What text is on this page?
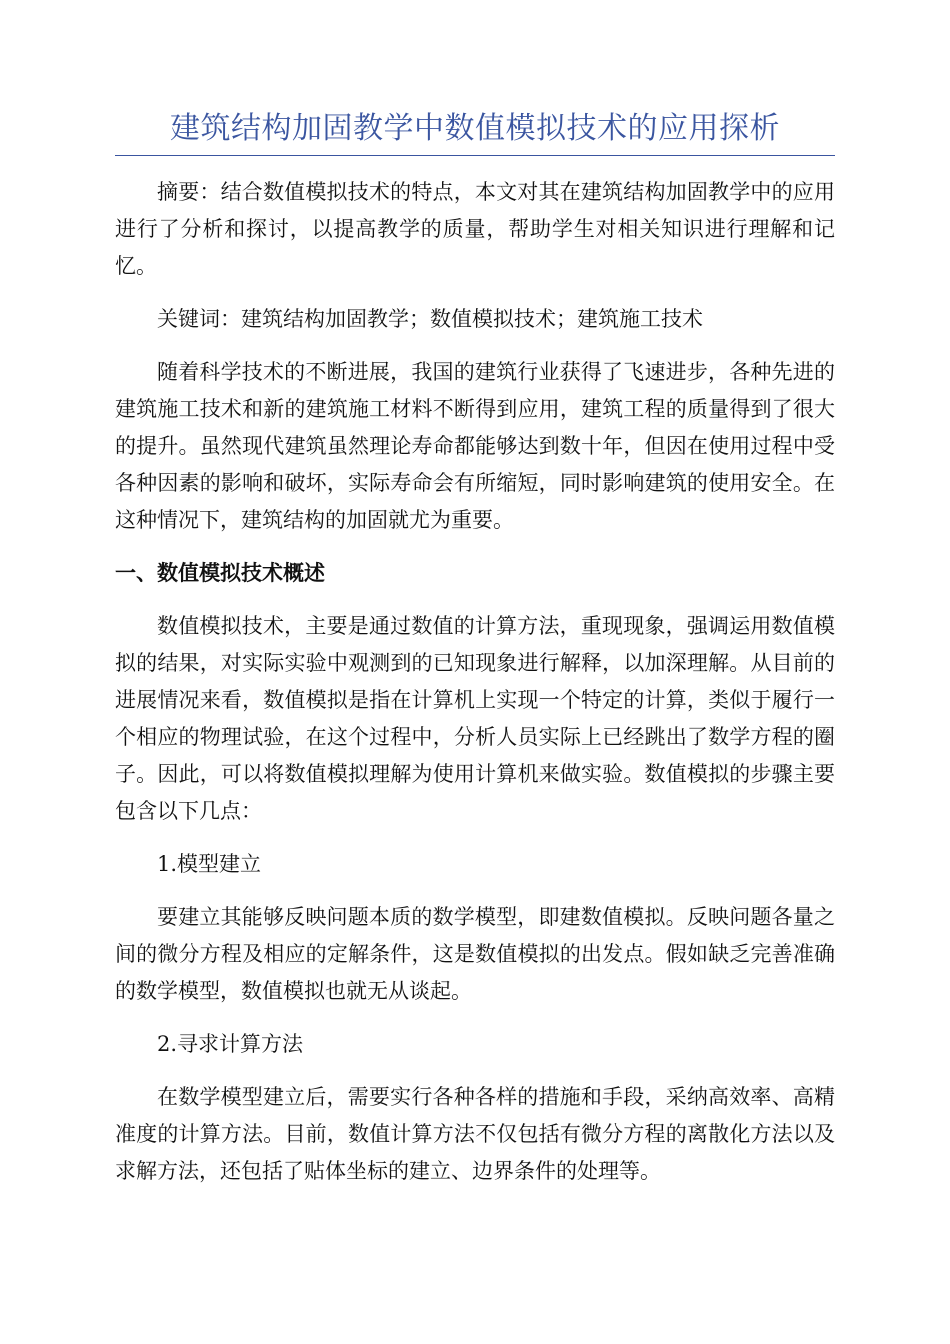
建筑结构加固教学中数值模拟技术的应用探析

摘要：结合数值模拟技术的特点，本文对其在建筑结构加固教学中的应用进行了分析和探讨，以提高教学的质量，帮助学生对相关知识进行理解和记忆。

关键词：建筑结构加固教学；数值模拟技术；建筑施工技术

随着科学技术的不断进展，我国的建筑行业获得了飞速进步，各种先进的建筑施工技术和新的建筑施工材料不断得到应用，建筑工程的质量得到了很大的提升。虽然现代建筑虽然理论寿命都能够达到数十年，但因在使用过程中受各种因素的影响和破坏，实际寿命会有所缩短，同时影响建筑的使用安全。在这种情况下，建筑结构的加固就尤为重要。

一、数值模拟技术概述

数值模拟技术，主要是通过数值的计算方法，重现现象，强调运用数值模拟的结果，对实际实验中观测到的已知现象进行解释，以加深理解。从目前的进展情况来看，数值模拟是指在计算机上实现一个特定的计算，类似于履行一个相应的物理试验，在这个过程中，分析人员实际上已经跳出了数学方程的圈子。因此，可以将数值模拟理解为使用计算机来做实验。数值模拟的步骤主要包含以下几点：

1.模型建立

要建立其能够反映问题本质的数学模型，即建数值模拟。反映问题各量之间的微分方程及相应的定解条件，这是数值模拟的出发点。假如缺乏完善准确的数学模型，数值模拟也就无从谈起。

2.寻求计算方法

在数学模型建立后，需要实行各种各样的措施和手段，采纳高效率、高精准度的计算方法。目前，数值计算方法不仅包括有微分方程的离散化方法以及求解方法，还包括了贴体坐标的建立、边界条件的处理等。
